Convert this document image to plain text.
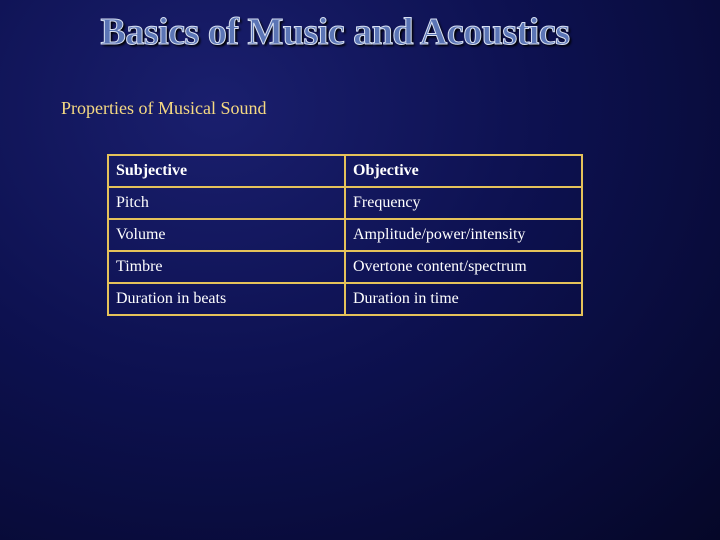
Basics of Music and Acoustics
Properties of Musical Sound
Subjective	Objective
Pitch	Frequency
Volume	Amplitude/power/intensity
Timbre	Overtone content/spectrum
Duration in beats	Duration in time
